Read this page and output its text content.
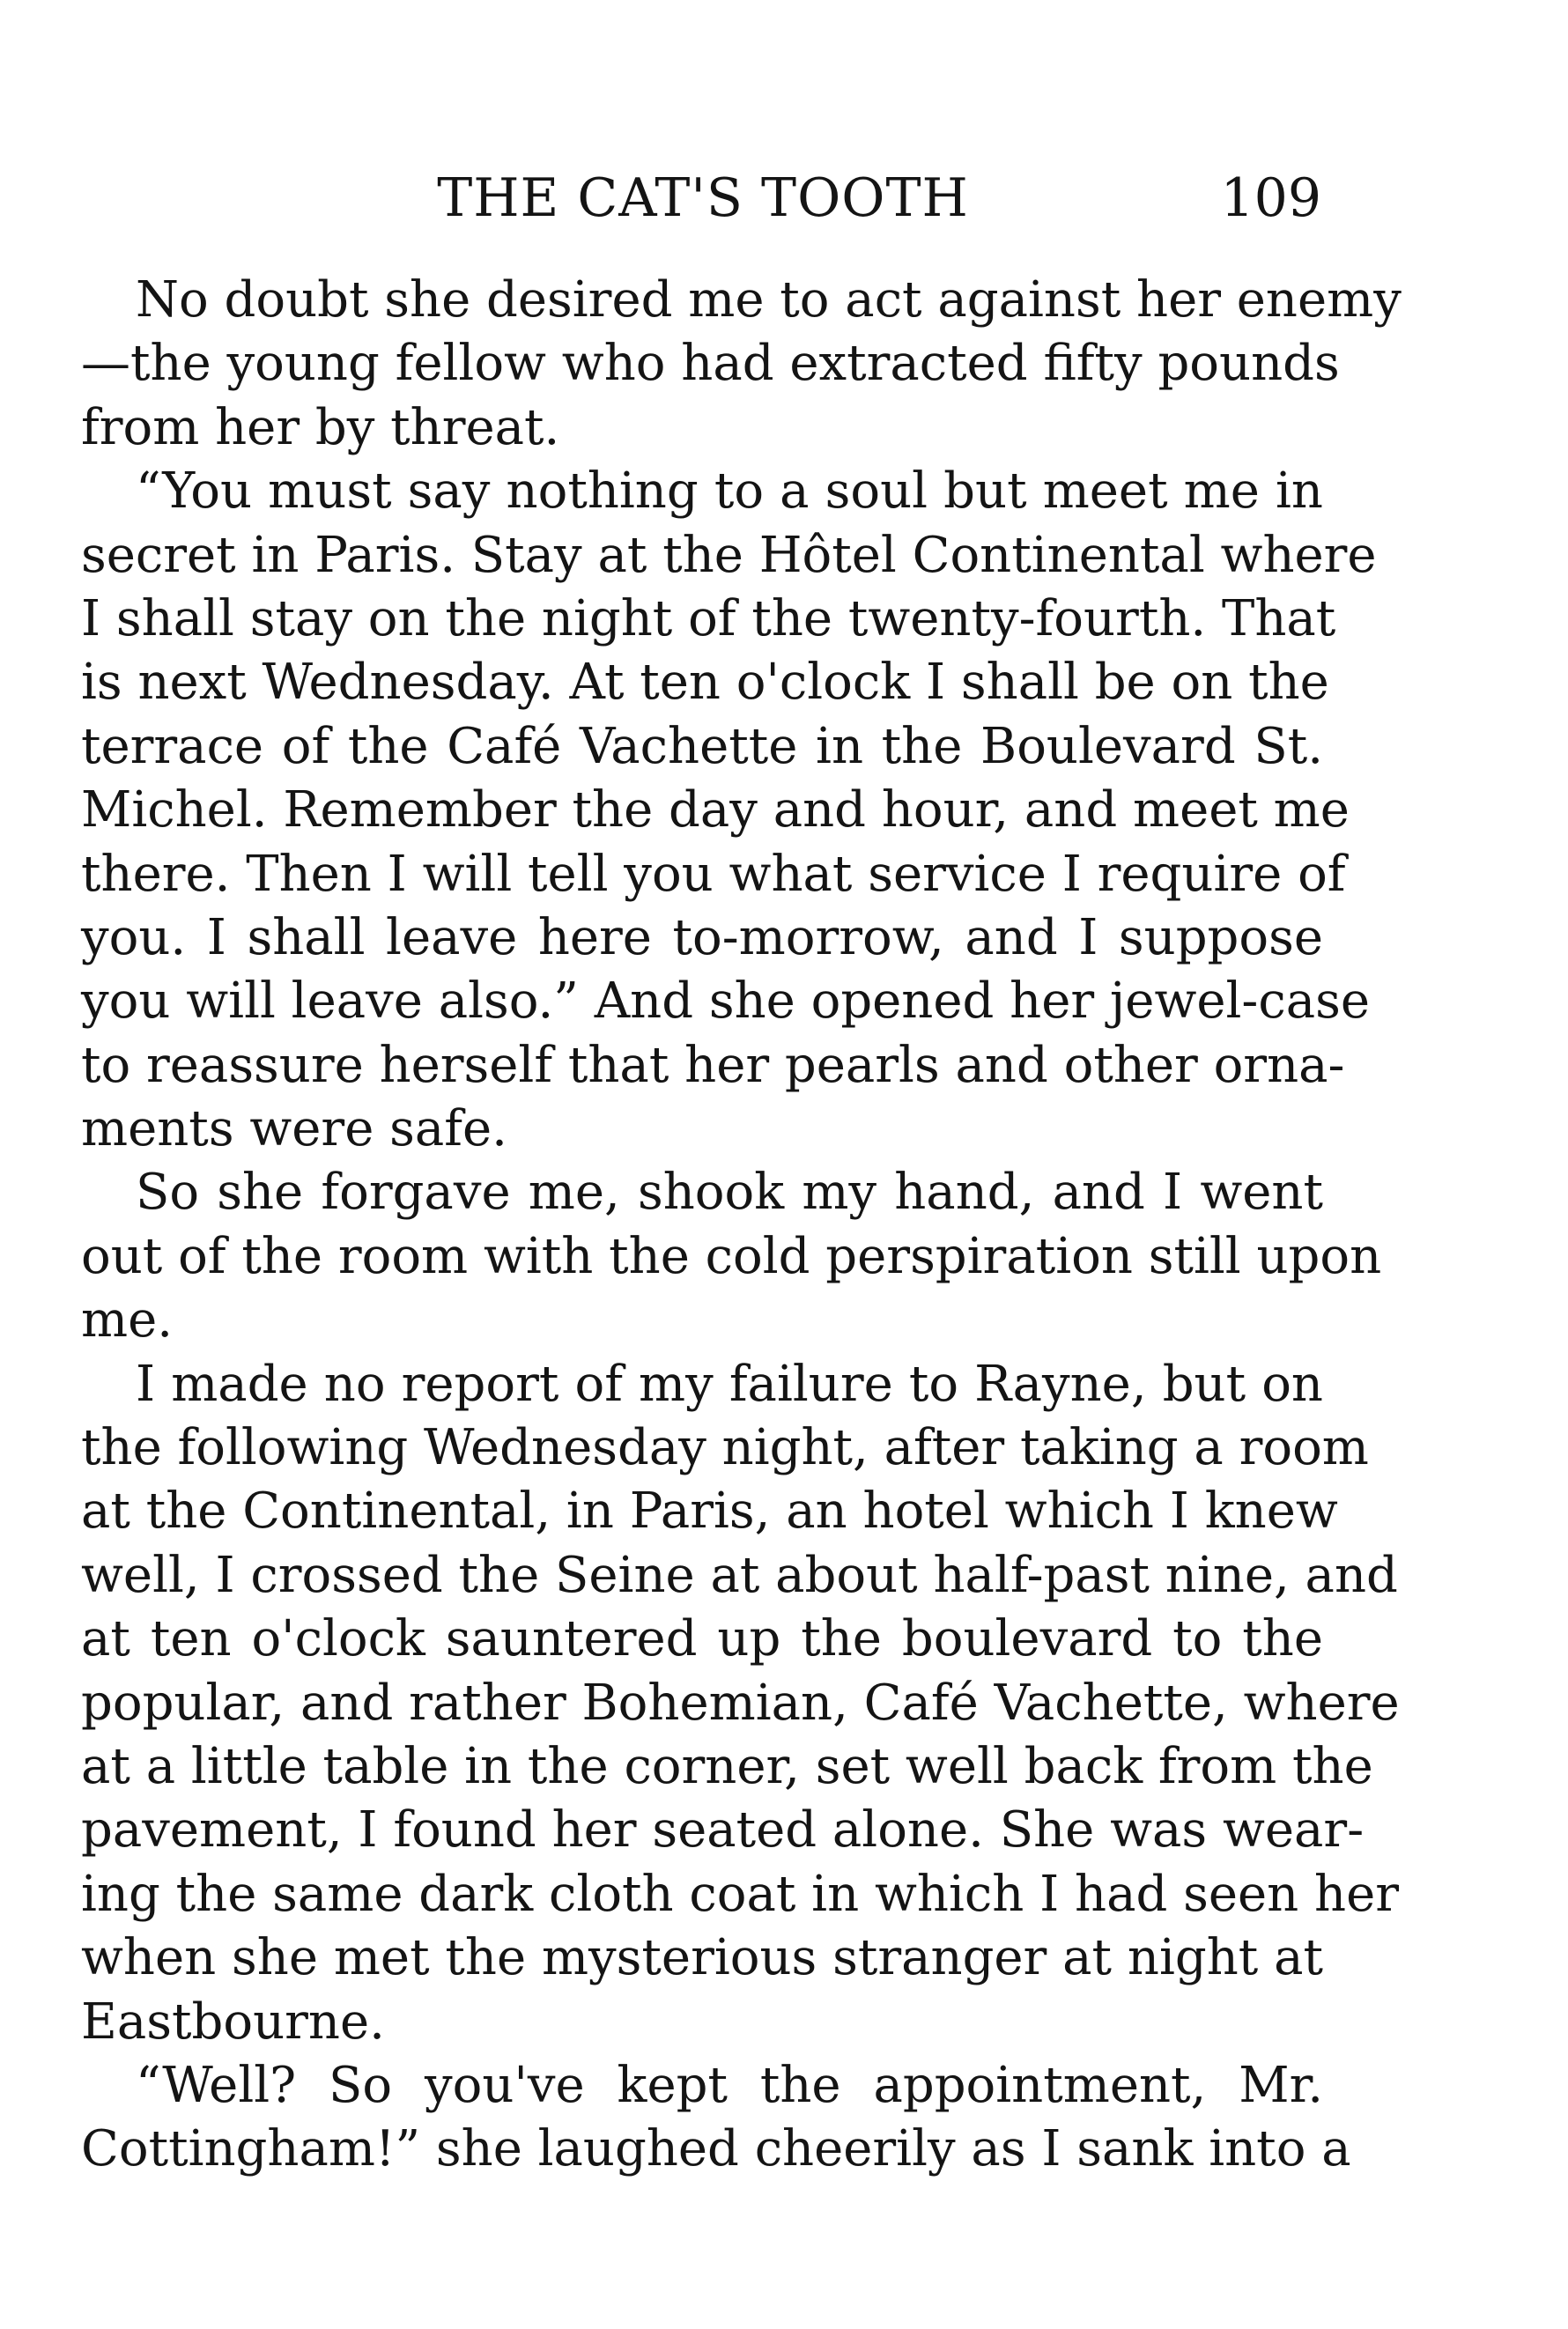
THE CAT'S TOOTH	109
No doubt she desired me to act against her enemy
—the young fellow who had extracted fifty pounds
from her by threat.
“You must say nothing to a soul but meet me in
secret in Paris. Stay at the Hôtel Continental where
I shall stay on the night of the twenty-fourth. That
is next Wednesday. At ten o'clock I shall be on the
terrace of the Café Vachette in the Boulevard St.
Michel. Remember the day and hour, and meet me
there. Then I will tell you what service I require of
you. I shall leave here to-morrow, and I suppose
you will leave also.” And she opened her jewel-case
to reassure herself that her pearls and other orna-
ments were safe.
So she forgave me, shook my hand, and I went
out of the room with the cold perspiration still upon
me.
I made no report of my failure to Rayne, but on
the following Wednesday night, after taking a room
at the Continental, in Paris, an hotel which I knew
well, I crossed the Seine at about half-past nine, and
at ten o'clock sauntered up the boulevard to the
popular, and rather Bohemian, Café Vachette, where
at a little table in the corner, set well back from the
pavement, I found her seated alone. She was wear-
ing the same dark cloth coat in which I had seen her
when she met the mysterious stranger at night at
Eastbourne.
“Well? So you've kept the appointment, Mr.
Cottingham!” she laughed cheerily as I sank into a
